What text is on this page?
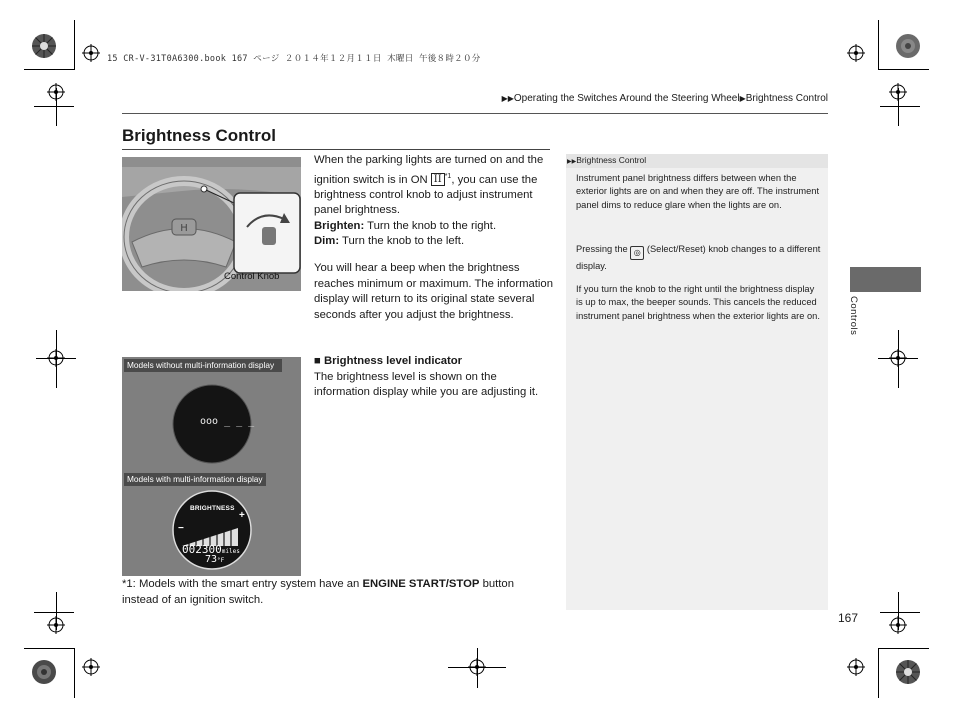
15 CR-V-31T0A6300.book 167 ページ ２０１４年１２月１１日 木曜日 午後８時２０分
▶▶Operating the Switches Around the Steering Wheel▶Brightness Control
Brightness Control
H
Control Knob
When the parking lights are turned on and the ignition switch is in ON II $^{*1}$, you can use the brightness control knob to adjust instrument panel brightness.
Brighten: Turn the knob to the right.
Dim: Turn the knob to the left.
You will hear a beep when the brightness reaches minimum or maximum. The information display will return to its original state several seconds after you adjust the brightness.
■ Brightness level indicator
The brightness level is shown on the information display while you are adjusting it.
Models without multi-information display
ooo _ _ _
Models with multi-information display
BRIGHTNESS
+
−
002300miles
73°F
*1: Models with the smart entry system have an ENGINE START/STOP button instead of an ignition switch.
▶▶Brightness Control
Instrument panel brightness differs between when the exterior lights are on and when they are off. The instrument panel dims to reduce glare when the lights are on.
Pressing the ◎ (Select/Reset) knob changes to a different display.
If you turn the knob to the right until the brightness display is up to max, the beeper sounds. This cancels the reduced instrument panel brightness when the exterior lights are on.	Controls
167
